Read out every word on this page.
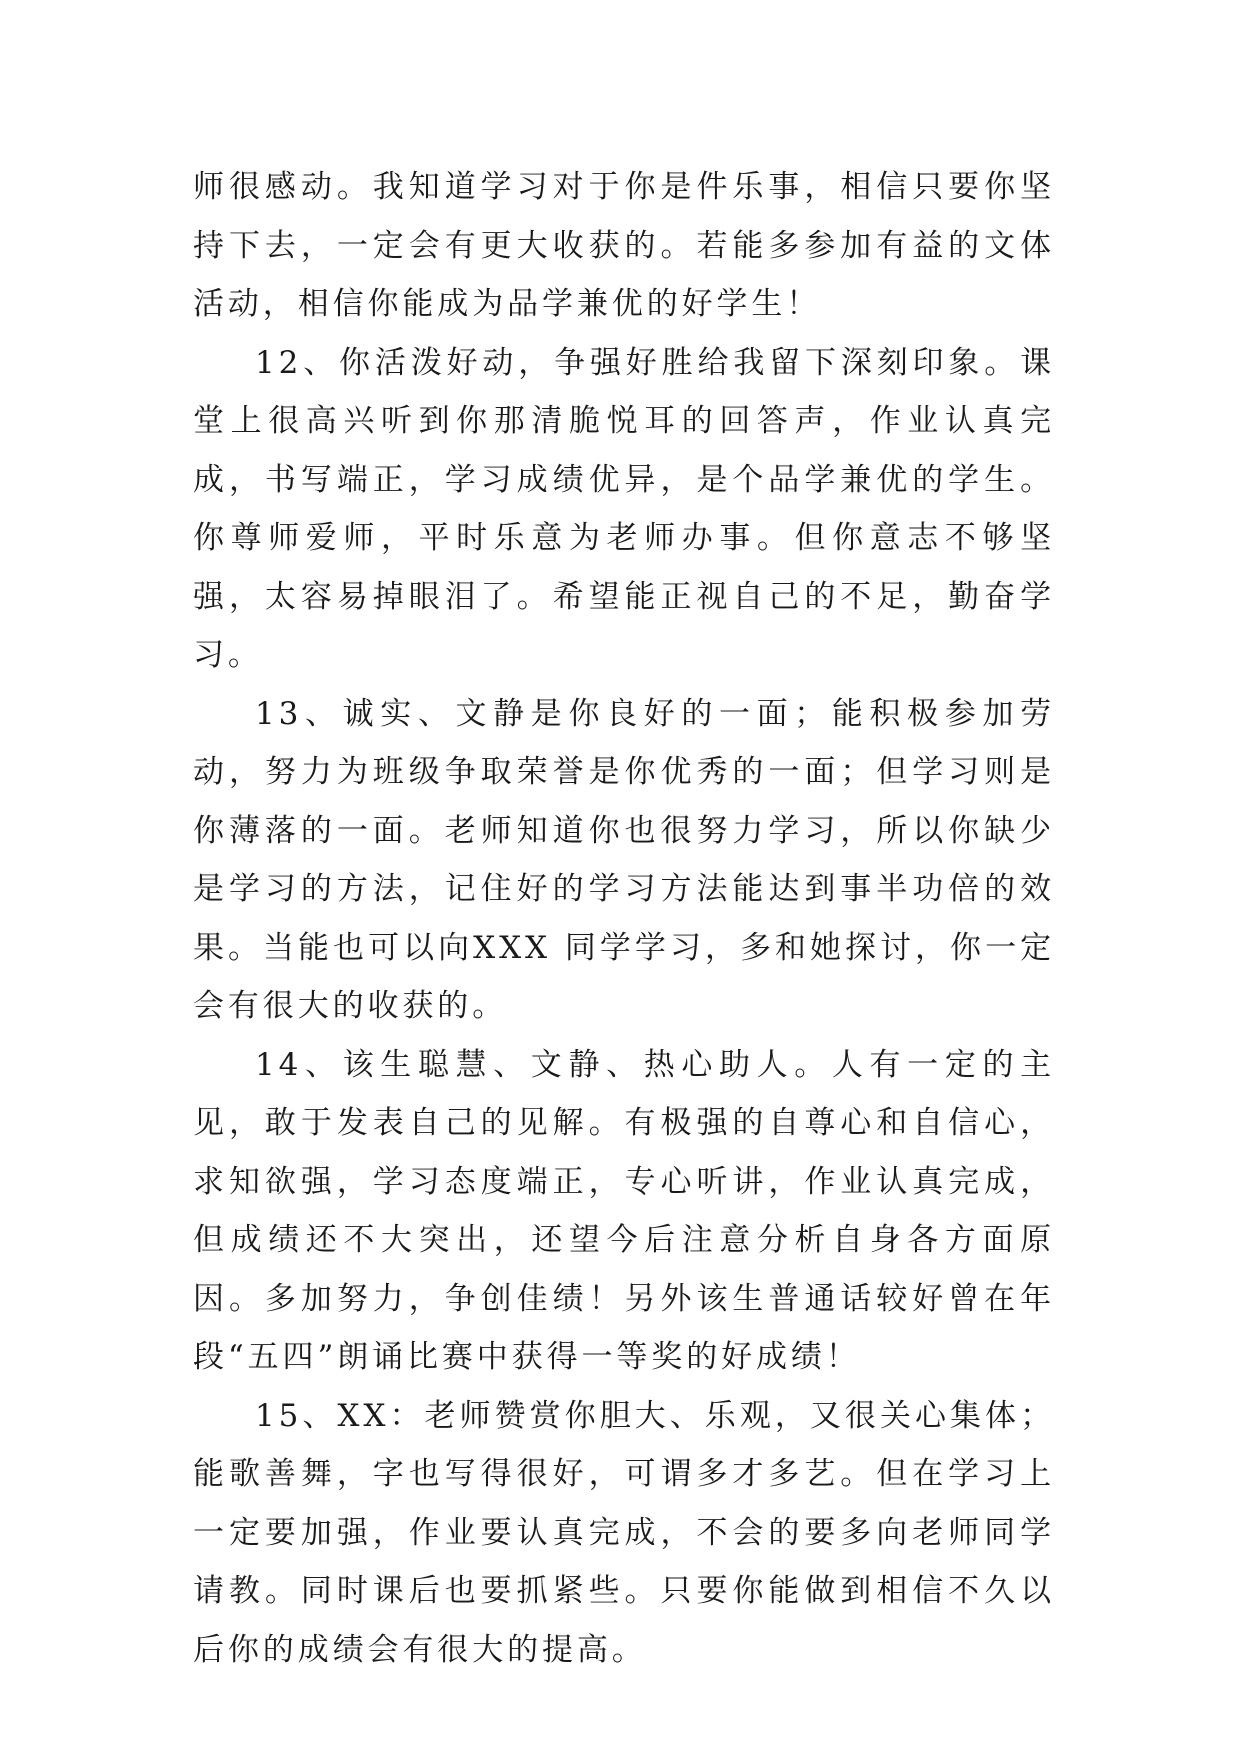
师很感动。我知道学习对于你是件乐事，相信只要你坚持下去，一定会有更大收获的。若能多参加有益的文体活动，相信你能成为品学兼优的好学生！

12、你活泼好动，争强好胜给我留下深刻印象。课堂上很高兴听到你那清脆悦耳的回答声，作业认真完成，书写端正，学习成绩优异，是个品学兼优的学生。你尊师爱师，平时乐意为老师办事。但你意志不够坚强，太容易掉眼泪了。希望能正视自己的不足，勤奋学习。

13、诚实、文静是你良好的一面；能积极参加劳动，努力为班级争取荣誉是你优秀的一面；但学习则是你薄落的一面。老师知道你也很努力学习，所以你缺少是学习的方法，记住好的学习方法能达到事半功倍的效果。当能也可以向XXX 同学学习，多和她探讨，你一定会有很大的收获的。

14、该生聪慧、文静、热心助人。人有一定的主见，敢于发表自己的见解。有极强的自尊心和自信心，求知欲强，学习态度端正，专心听讲，作业认真完成，但成绩还不大突出，还望今后注意分析自身各方面原因。多加努力，争创佳绩！另外该生普通话较好曾在年段“五四”朗诵比赛中获得一等奖的好成绩！

15、XX：老师赞赏你胆大、乐观，又很关心集体；能歌善舞，字也写得很好，可谓多才多艺。但在学习上一定要加强，作业要认真完成，不会的要多向老师同学请教。同时课后也要抓紧些。只要你能做到相信不久以后你的成绩会有很大的提高。
